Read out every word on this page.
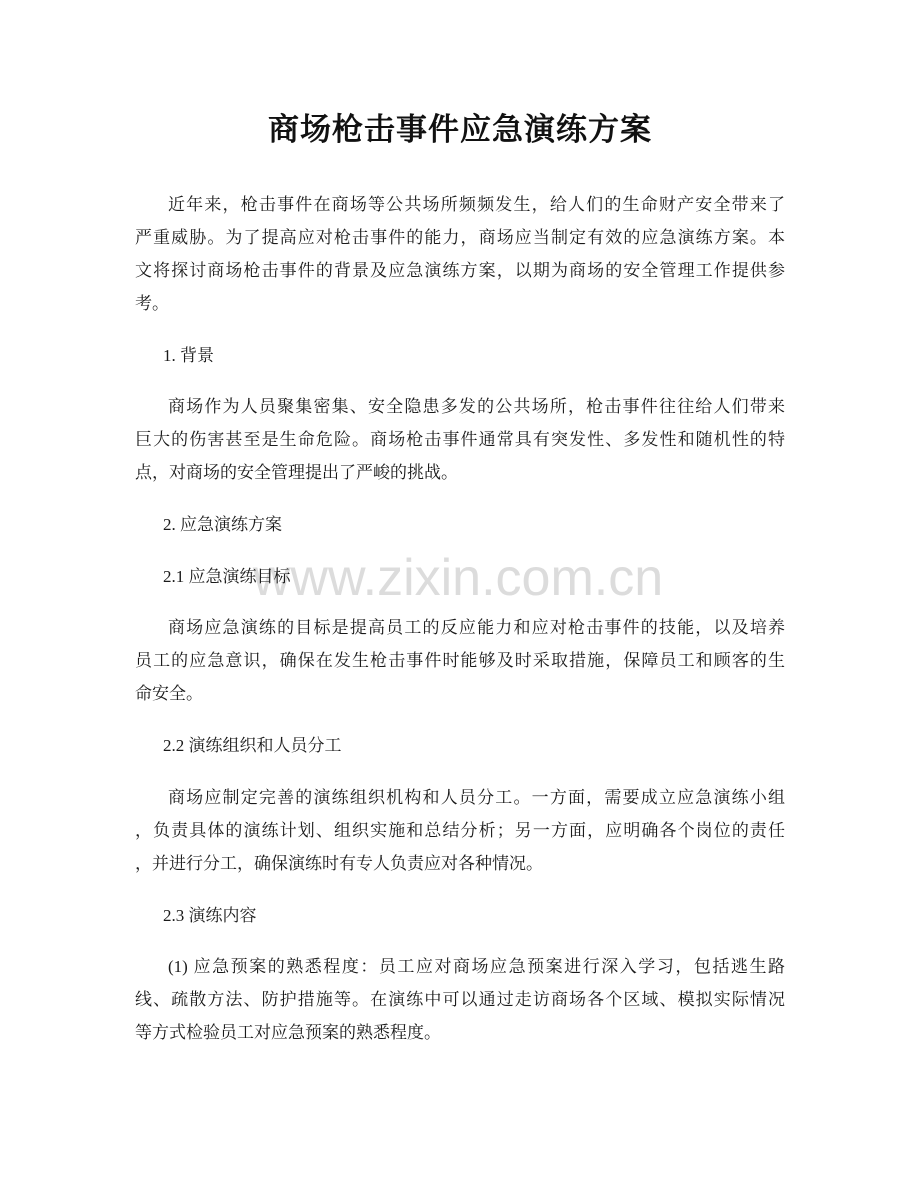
商场枪击事件应急演练方案
www.zixin.com.cn
近年来，枪击事件在商场等公共场所频频发生，给人们的生命财产安全带来了
严重威胁。为了提高应对枪击事件的能力，商场应当制定有效的应急演练方案。本
文将探讨商场枪击事件的背景及应急演练方案，以期为商场的安全管理工作提供参
考。
1. 背景
商场作为人员聚集密集、安全隐患多发的公共场所，枪击事件往往给人们带来
巨大的伤害甚至是生命危险。商场枪击事件通常具有突发性、多发性和随机性的特
点，对商场的安全管理提出了严峻的挑战。
2. 应急演练方案
2.1 应急演练目标
商场应急演练的目标是提高员工的反应能力和应对枪击事件的技能，以及培养
员工的应急意识，确保在发生枪击事件时能够及时采取措施，保障员工和顾客的生
命安全。
2.2 演练组织和人员分工
商场应制定完善的演练组织机构和人员分工。一方面，需要成立应急演练小组
，负责具体的演练计划、组织实施和总结分析；另一方面，应明确各个岗位的责任
，并进行分工，确保演练时有专人负责应对各种情况。
2.3 演练内容
(1) 应急预案的熟悉程度：员工应对商场应急预案进行深入学习，包括逃生路
线、疏散方法、防护措施等。在演练中可以通过走访商场各个区域、模拟实际情况
等方式检验员工对应急预案的熟悉程度。
